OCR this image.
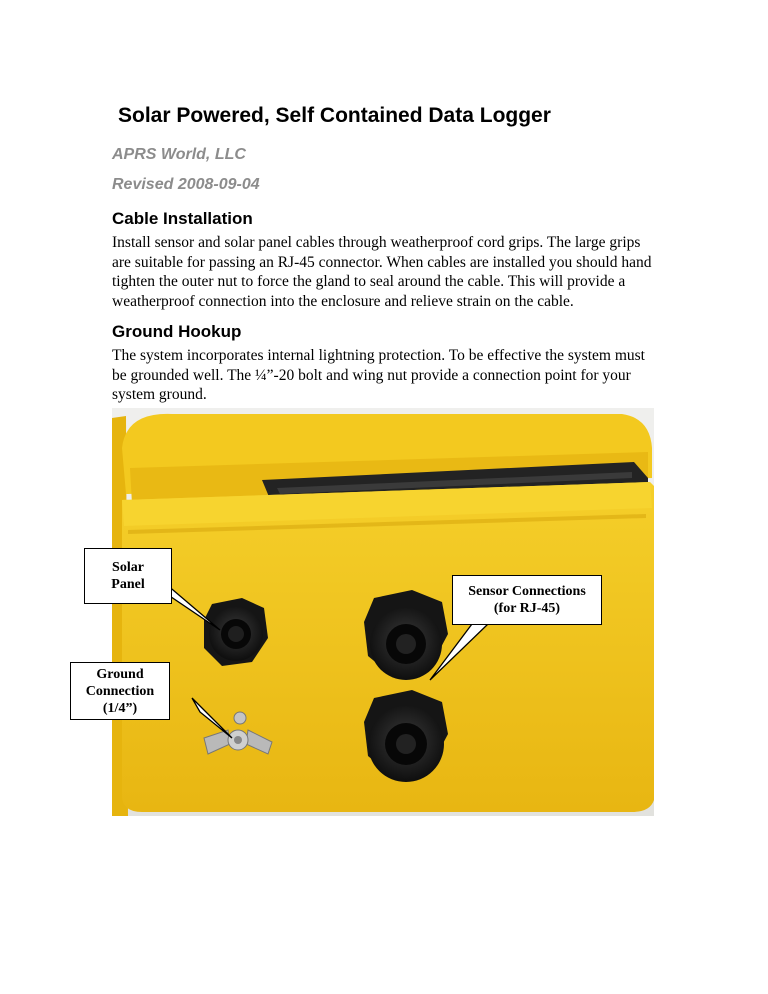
Solar Powered, Self Contained Data Logger
APRS World, LLC
Revised 2008-09-04
Cable Installation

Install sensor and solar panel cables through weatherproof cord grips. The large grips are suitable for passing an RJ-45 connector. When cables are installed you should hand tighten the outer nut to force the gland to seal around the cable. This will provide a weatherproof connection into the enclosure and relieve strain on the cable.

Ground Hookup

The system incorporates internal lightning protection. To be effective the system must be grounded well. The ¼”-20 bolt and wing nut provide a connection point for your system ground.

Solar
Panel
Ground
Connection
(1/4”)
Sensor Connections
(for RJ-45)
